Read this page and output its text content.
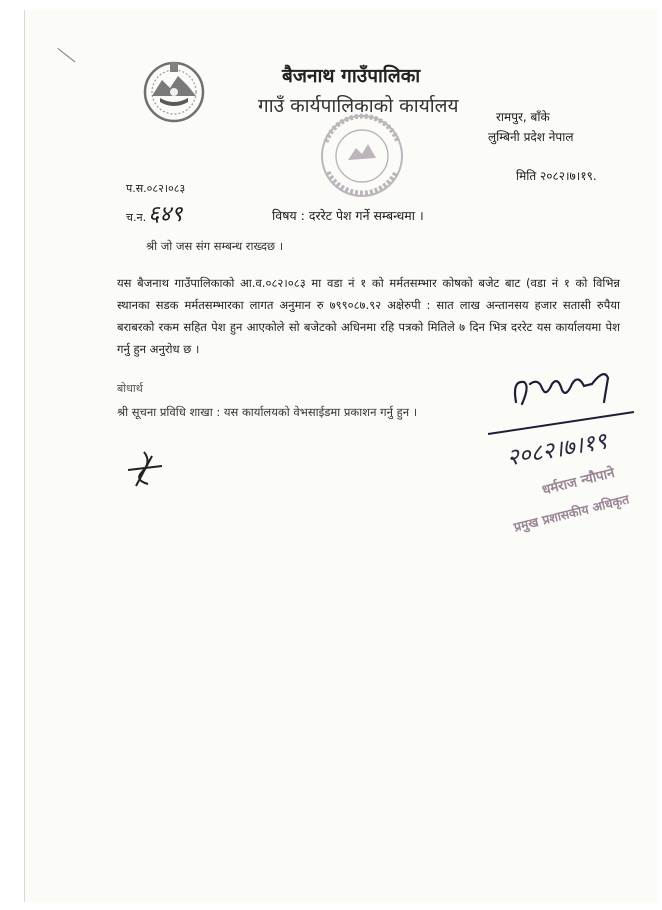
बैजनाथ गाउँपालिका
गाउँ कार्यपालिकाको कार्यालय	रामपुर, बाँके
लुम्बिनी प्रदेश नेपाल
मिति २०८२।७।१९.
प.स.०८२।०८३
च.न.६४९	विषय : दररेट पेश गर्ने सम्बन्धमा ।
श्री जो जस संग सम्बन्ध राख्दछ ।
यस बैजनाथ गाउँपालिकाको आ.व.०८२।०८३ मा वडा नं १ को मर्मतसम्भार कोषको बजेट बाट (वडा नं १ को विभिन्न स्थानका सडक मर्मतसम्भारका लागत अनुमान रु ७९९०८७.९२ अक्षेरुपी : सात लाख अन्तानसय हजार सतासी रुपैया बराबरको रकम सहित पेश हुन आएकोले सो बजेटको अधिनमा रहि पत्रको मितिले ७ दिन भित्र दररेट यस कार्यालयमा पेश गर्नु हुन अनुरोध छ ।
बोधार्थ
श्री सूचना प्रविधि शाखा : यस कार्यालयको वेभसाईडमा प्रकाशन गर्नु हुन ।
२०८२।७।१९
धर्मराज न्यौपाने
प्रमुख प्रशासकीय अधिकृत
